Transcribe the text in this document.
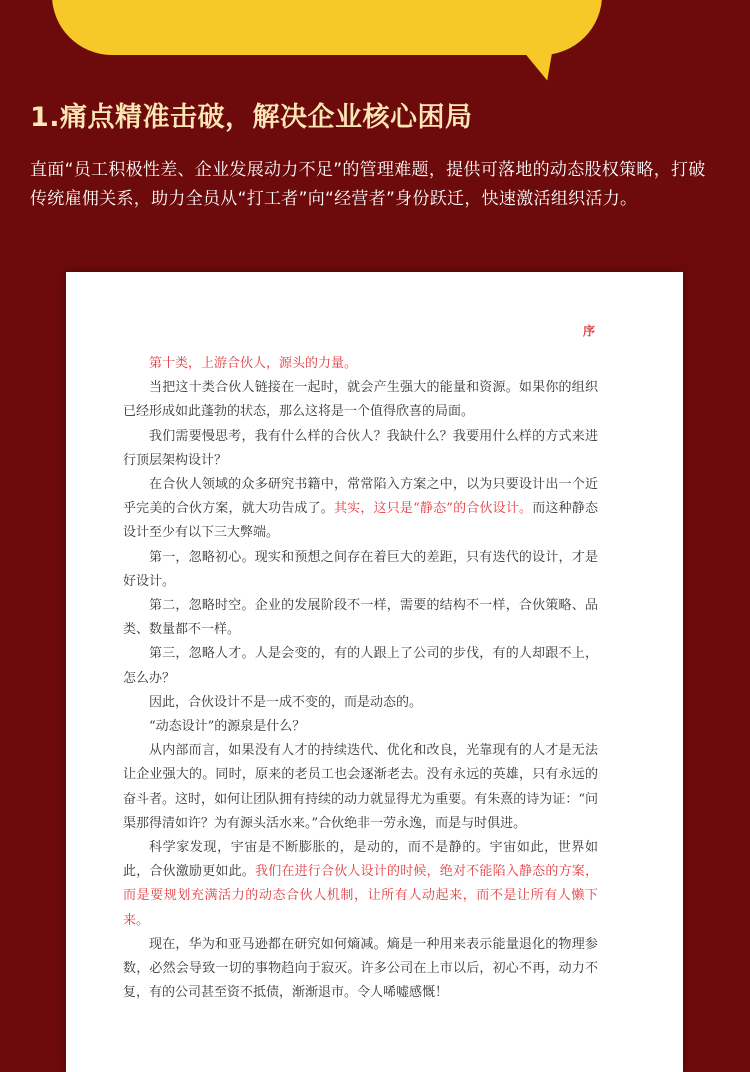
1.痛点精准击破，解决企业核心困局

直面“员工积极性差、企业发展动力不足”的管理难题，提供可落地的动态股权策略，打破传统雇佣关系，助力全员从“打工者”向“经营者”身份跃迁，快速激活组织活力。

序

第十类，上游合伙人，源头的力量。

当把这十类合伙人链接在一起时，就会产生强大的能量和资源。如果你的组织已经形成如此蓬勃的状态，那么这将是一个值得欣喜的局面。

我们需要慢思考，我有什么样的合伙人？我缺什么？我要用什么样的方式来进行顶层架构设计？

在合伙人领域的众多研究书籍中，常常陷入方案之中，以为只要设计出一个近乎完美的合伙方案，就大功告成了。其实，这只是“静态”的合伙设计。而这种静态设计至少有以下三大弊端。

第一，忽略初心。现实和预想之间存在着巨大的差距，只有迭代的设计，才是好设计。

第二，忽略时空。企业的发展阶段不一样，需要的结构不一样，合伙策略、品类、数量都不一样。

第三，忽略人才。人是会变的，有的人跟上了公司的步伐，有的人却跟不上，怎么办？

因此，合伙设计不是一成不变的，而是动态的。

“动态设计”的源泉是什么？

从内部而言，如果没有人才的持续迭代、优化和改良，光靠现有的人才是无法让企业强大的。同时，原来的老员工也会逐渐老去。没有永远的英雄，只有永远的奋斗者。这时，如何让团队拥有持续的动力就显得尤为重要。有朱熹的诗为证：“问渠那得清如许？为有源头活水来。”合伙绝非一劳永逸，而是与时俱进。

科学家发现，宇宙是不断膨胀的，是动的，而不是静的。宇宙如此，世界如此，合伙激励更如此。我们在进行合伙人设计的时候，绝对不能陷入静态的方案，而是要规划充满活力的动态合伙人机制，让所有人动起来，而不是让所有人懒下来。

现在，华为和亚马逊都在研究如何熵减。熵是一种用来表示能量退化的物理参数，必然会导致一切的事物趋向于寂灭。许多公司在上市以后，初心不再，动力不复，有的公司甚至资不抵债，渐渐退市。令人唏嘘感慨！
